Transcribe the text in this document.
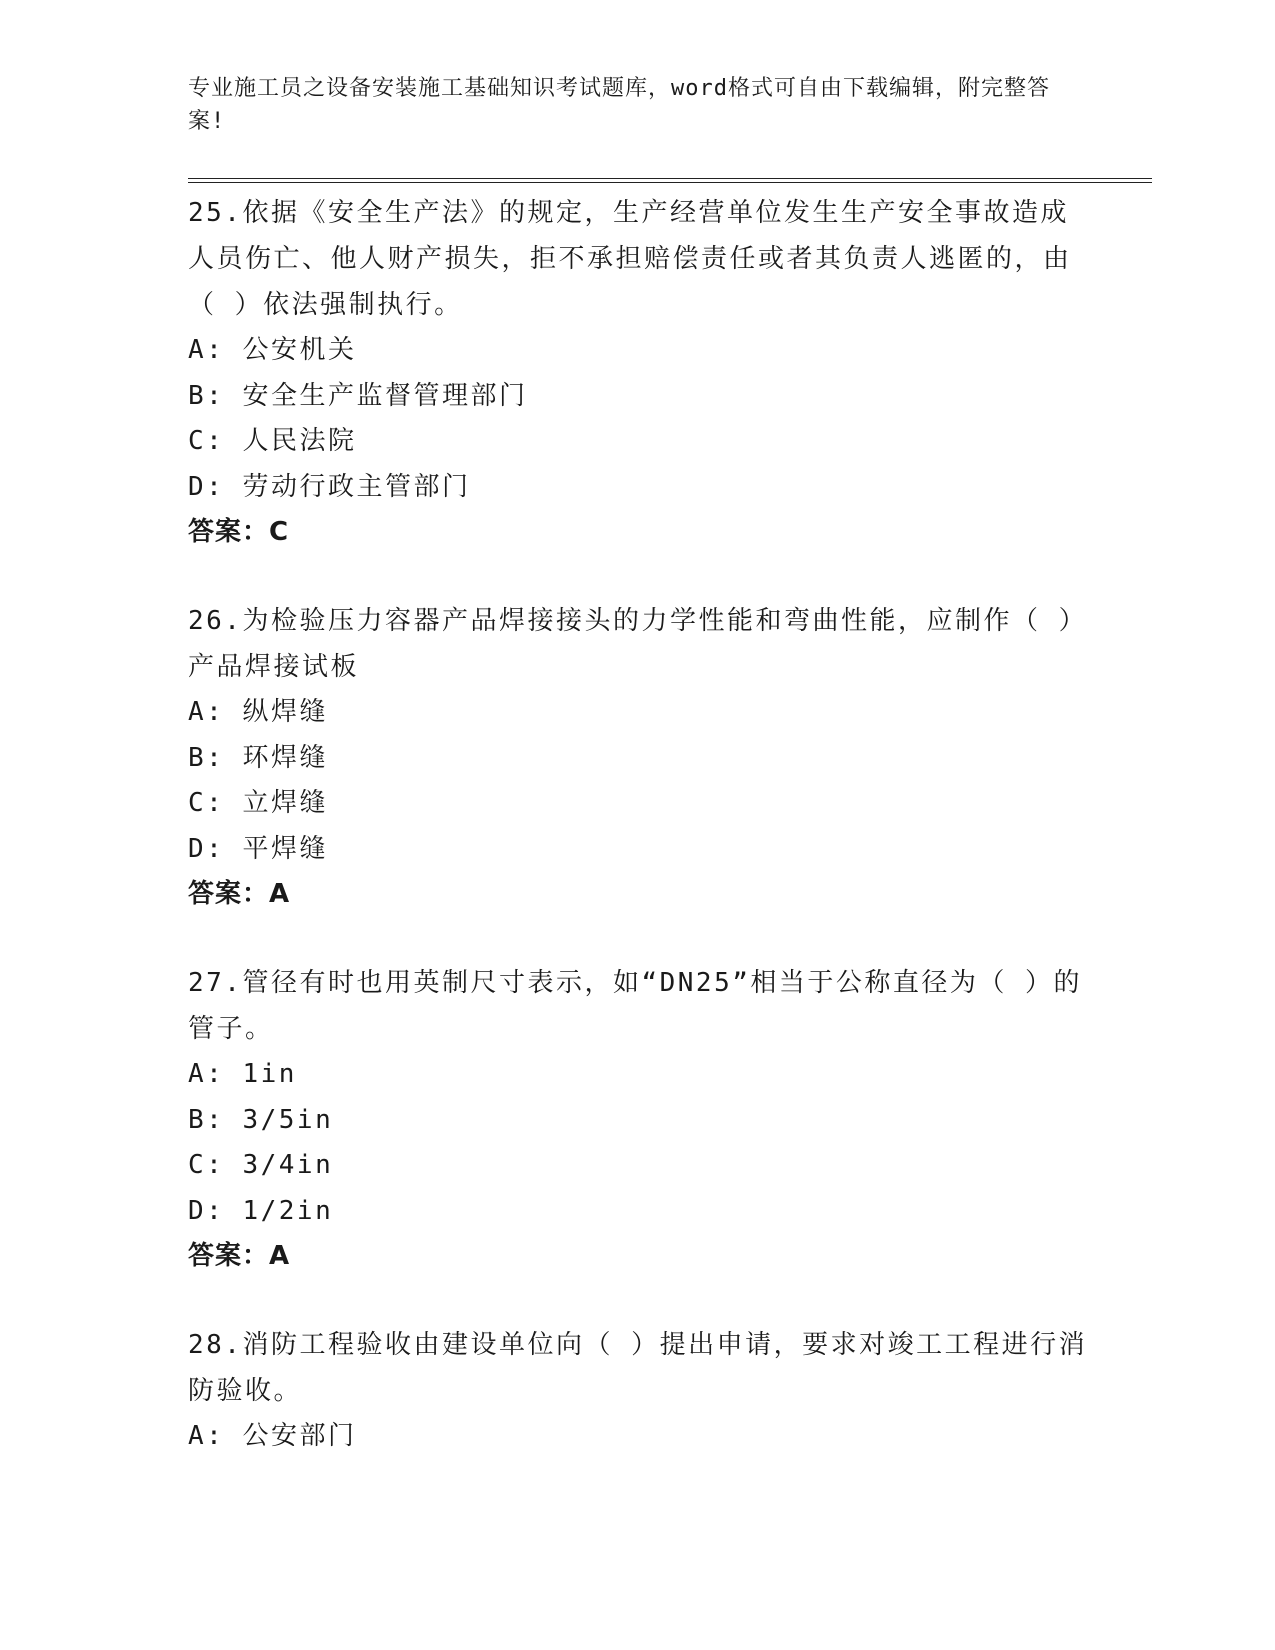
专业施工员之设备安装施工基础知识考试题库，word格式可自由下载编辑，附完整答案!

25.依据《安全生产法》的规定，生产经营单位发生生产安全事故造成人员伤亡、他人财产损失，拒不承担赔偿责任或者其负责人逃匿的，由（ ）依法强制执行。

A: 公安机关

B: 安全生产监督管理部门

C: 人民法院

D: 劳动行政主管部门

答案：C

26.为检验压力容器产品焊接接头的力学性能和弯曲性能，应制作（ ）产品焊接试板

A: 纵焊缝

B: 环焊缝

C: 立焊缝

D: 平焊缝

答案：A

27.管径有时也用英制尺寸表示，如“DN25”相当于公称直径为（ ）的管子。

A: 1in

B: 3/5in

C: 3/4in

D: 1/2in

答案：A

28.消防工程验收由建设单位向（ ）提出申请，要求对竣工工程进行消防验收。

A: 公安部门
